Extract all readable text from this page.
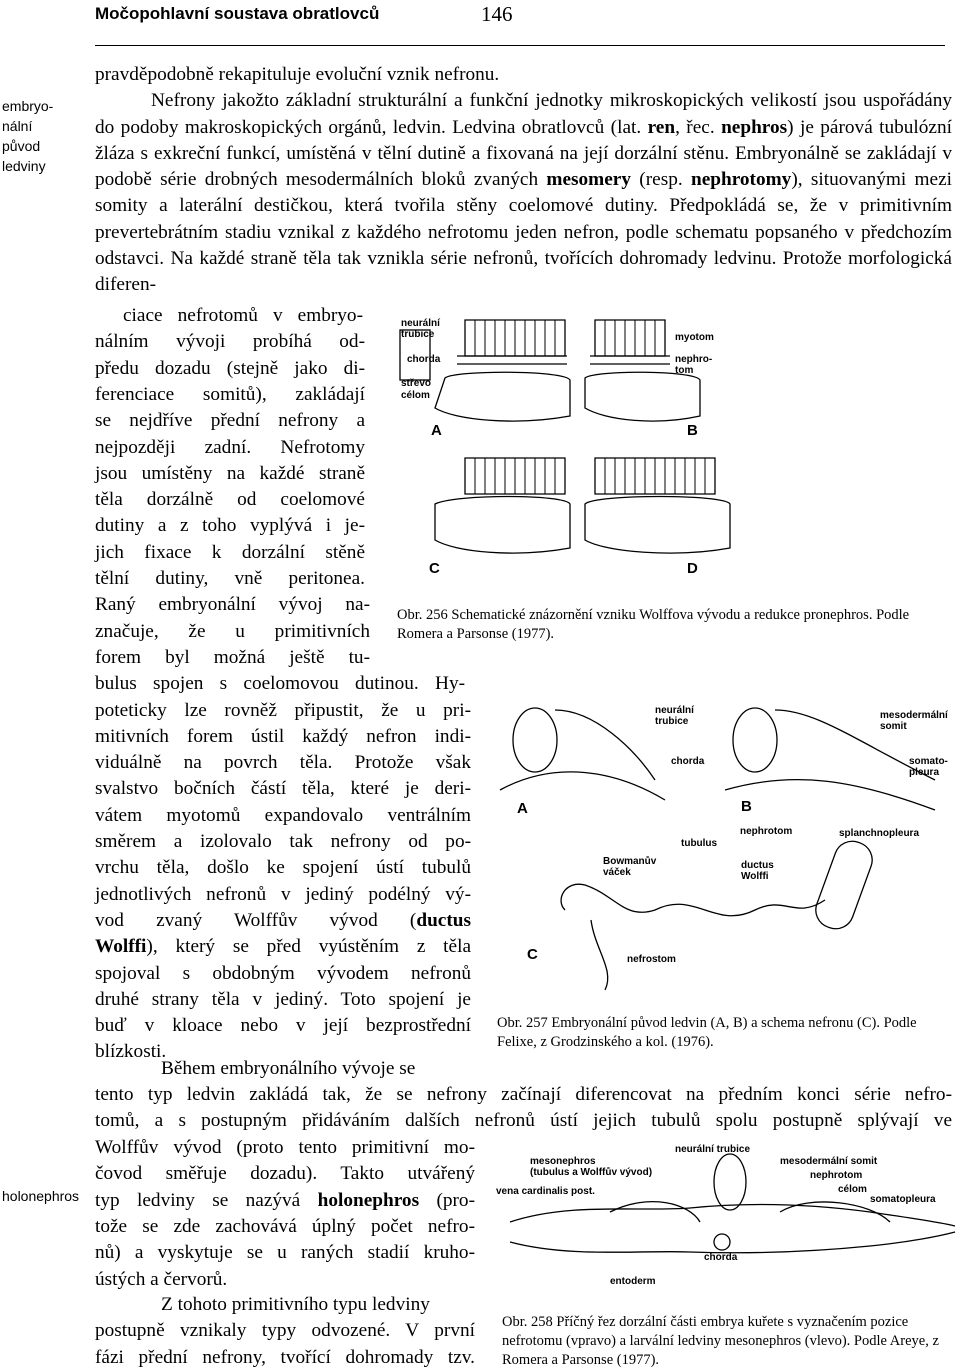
Močopohlavní soustava obratlovců	146
embryo-
nální
původ
ledviny
holonephros

pravděpodobně rekapituluje evoluční vznik nefronu.

Nefrony jakožto základní strukturální a funkční jednotky mikroskopických velikostí jsou uspořádány do podoby makroskopických orgánů, ledvin. Ledvina obratlovců (lat. ren, řec. nephros) je párová tubulózní žláza s exkreční funkcí, umístěná v tělní dutině a fixovaná na její dorzální stěnu. Embryonálně se zakládají v podobě série drobných mesodermálních bloků zvaných mesomery (resp. nephrotomy), situovanými mezi somity a laterální destičkou, která tvořila stěny coelomové dutiny. Předpokládá se, že v primitivním prevertebrátním stadiu vznikal z každého nefrotomu jeden nefron, podle schematu popsaného v předchozím odstavci. Na každé straně těla tak vznikla série nefronů, tvořících dohromady ledvinu. Protože morfologická diferen-

ciace nefrotomů v embryo-
nálním vývoji probíhá od-
předu dozadu (stejně jako di-
ferenciace somitů), zakládají
se nejdříve přední nefrony a
nejpozději zadní. Nefrotomy
jsou umístěny na každé straně
těla dorzálně od coelomové
dutiny a z toho vyplývá i je-
jich fixace k dorzální stěně
tělní dutiny, vně peritonea.
Raný embryonální vývoj na-
značuje, že u primitivních
forem byl možná ještě tu-
bulus spojen s coelomovou dutinou. Hy-
poteticky lze rovněž připustit, že u pri-
mitivních forem ústil každý nefron indi-
viduálně na povrch těla. Protože však
svalstvo bočních částí těla, které je deri-
vátem myotomů expandovalo ventrálním
směrem a izolovalo tak nefrony od po-
vrchu těla, došlo ke spojení ústí tubulů
jednotlivých nefronů v jediný podélný vý-
vod zvaný Wolffův vývod (ductus
Wolffi), který se před vyústěním z těla
spojoval s obdobným vývodem nefronů
druhé strany těla v jediný. Toto spojení je
buď v kloace nebo v její bezprostřední
blízkosti.
Během embryonálního vývoje se

tento typ ledvin zakládá tak, že se nefrony začínají diferencovat na předním konci série nefro-

tomů, a s postupným přidáváním dalších nefronů ústí jejich tubulů spolu postupně splývají ve

Wolffův vývod (proto tento primitivní mo-
čovod směřuje dozadu). Takto utvářený
typ ledviny se nazývá holonephros (pro-
tože se zde zachovává úplný počet nefro-
nů) a vyskytuje se u raných stadií kruho-
ústých a červorů.
Z tohoto primitivního typu ledviny
postupně vznikaly typy odvozené. V první
fázi přední nefrony, tvořící dohromady tzv.
neurální
trubice
chorda
střevo
célom
myotom
nephro-
tom
A	B
C	D
Obr. 256 Schematické znázornění vzniku Wolffova vývodu a redukce pronephros. Podle Romera a Parsonse (1977).
neurální
trubice
chorda
mesodermální
somit
somato-
pleura
A	B
nephrotom	splanchnopleura
tubulus
Bowmanův
váček
ductus
Wolffi
nefrostom
C
Obr. 257 Embryonální původ ledvin (A, B) a schema nefronu (C). Podle Felixe, z Grodzinského a kol. (1976).
neurální trubice
mesonephros
(tubulus a Wolffův vývod)
vena cardinalis post.
mesodermální somit
nephrotom
célom
somatopleura
entoderm
chorda
Obr. 258 Příčný řez dorzální části embrya kuřete s vyznačením pozice nefrotomu (vpravo) a larvální ledviny mesonephros (vlevo). Podle Areye, z Romera a Parsonse (1977).
